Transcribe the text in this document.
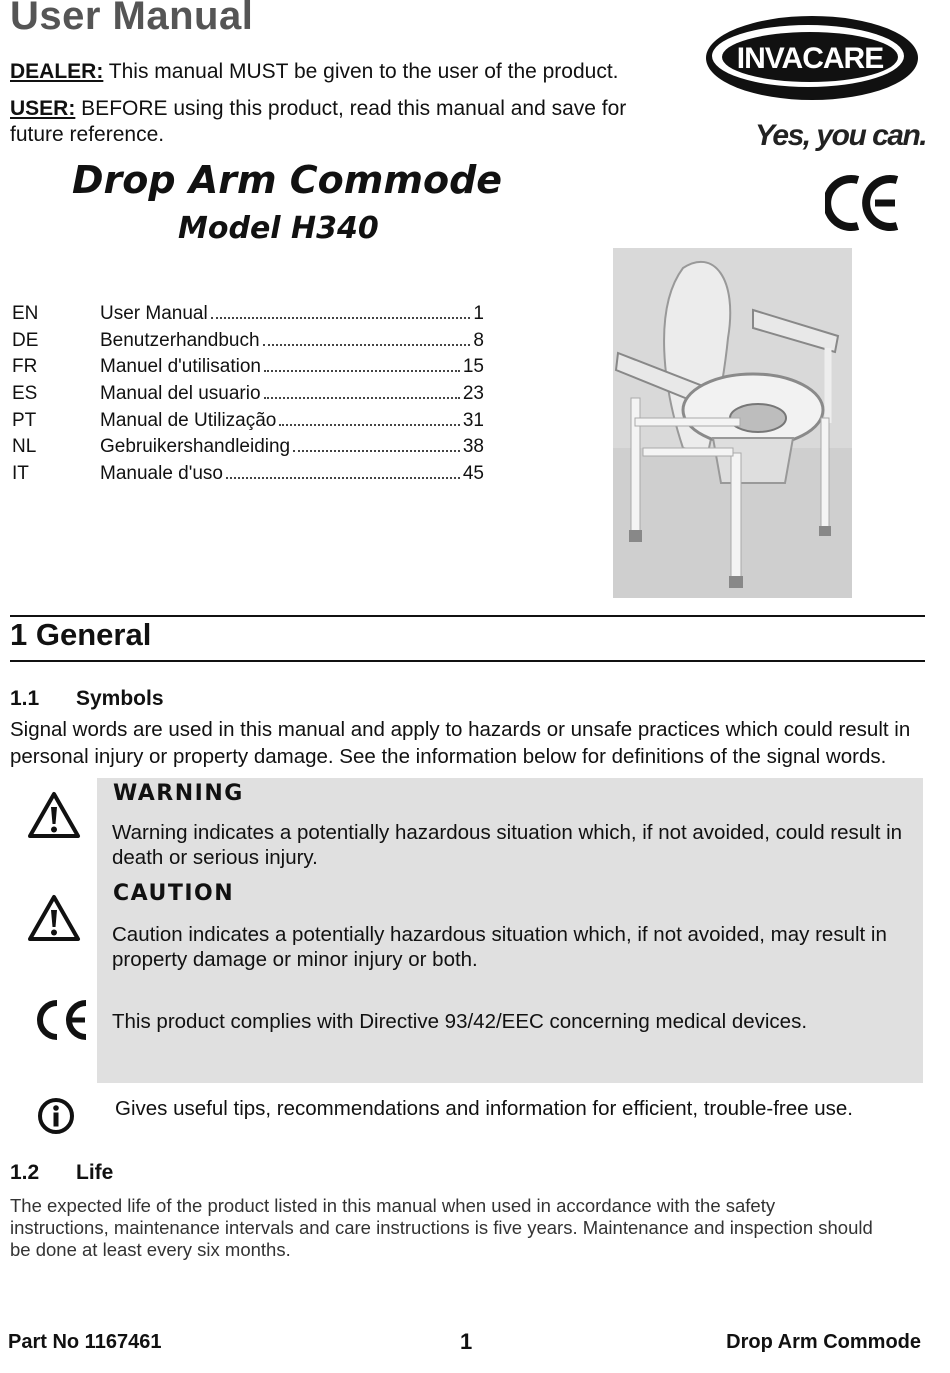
User Manual
DEALER: This manual MUST be given to the user of the product.
USER: BEFORE using this product, read this manual and save for
future reference.
Drop Arm Commode
Model H340
INVACARE
Yes, you can.
EN	User Manual	1
DE	Benutzerhandbuch	8
FR	Manuel d'utilisation	15
ES	Manual del usuario	23
PT	Manual de Utilização	31
NL	Gebruikershandleiding	38
IT	Manuale d'uso	45
1 General
1.1 Symbols
Signal words are used in this manual and apply to hazards or unsafe practices which could result in
personal injury or property damage. See the information below for definitions of the signal words.
WARNING
Warning indicates a potentially hazardous situation which, if not avoided, could result in
death or serious injury.
CAUTION
Caution indicates a potentially hazardous situation which, if not avoided, may result in
property damage or minor injury or both.
This product complies with Directive 93/42/EEC concerning medical devices.
Gives useful tips, recommendations and information for efficient, trouble-free use.
1.2 Life
The expected life of the product listed in this manual when used in accordance with the safety
instructions, maintenance intervals and care instructions is five years. Maintenance and inspection should
be done at least every six months.
Part No 1167461	1	Drop Arm Commode
